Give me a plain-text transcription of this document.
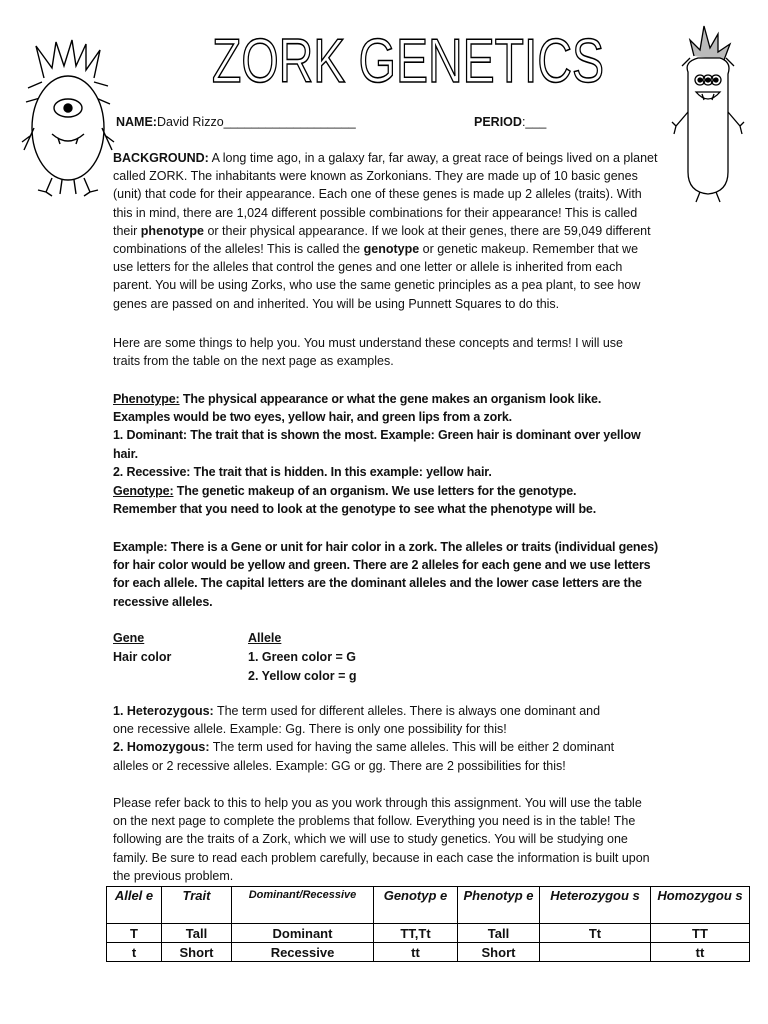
ZORK GENETICS
NAME:David Rizzo___________________	PERIOD:___

BACKGROUND: A long time ago, in a galaxy far, far away, a great race of beings lived on a planet called ZORK. The inhabitants were known as Zorkonians. They are made up of 10 basic genes (unit) that code for their appearance. Each one of these genes is made up 2 alleles (traits). With this in mind, there are 1,024 different possible combinations for their appearance! This is called their phenotype or their physical appearance. If we look at their genes, there are 59,049 different combinations of the alleles! This is called the genotype or genetic makeup. Remember that we use letters for the alleles that control the genes and one letter or allele is inherited from each parent. You will be using Zorks, who use the same genetic principles as a pea plant, to see how genes are passed on and inherited. You will be using Punnett Squares to do this.

Here are some things to help you. You must understand these concepts and terms! I will use traits from the table on the next page as examples.

Phenotype: The physical appearance or what the gene makes an organism look like. Examples would be two eyes, yellow hair, and green lips from a zork.
1. Dominant: The trait that is shown the most. Example: Green hair is dominant over yellow hair.
2. Recessive: The trait that is hidden. In this example: yellow hair.
Genotype: The genetic makeup of an organism. We use letters for the genotype. Remember that you need to look at the genotype to see what the phenotype will be.
Example: There is a Gene or unit for hair color in a zork. The alleles or traits (individual genes) for hair color would be yellow and green. There are 2 alleles for each gene and we use letters for each allele. The capital letters are the dominant alleles and the lower case letters are the recessive alleles.
Gene	Allele
Hair color	1. Green color = G
2. Yellow color = g
1. Heterozygous: The term used for different alleles. There is always one dominant and one recessive allele. Example: Gg. There is only one possibility for this!
2. Homozygous: The term used for having the same alleles. This will be either 2 dominant alleles or 2 recessive alleles. Example: GG or gg. There are 2 possibilities for this!

Please refer back to this to help you as you work through this assignment. You will use the table on the next page to complete the problems that follow. Everything you need is in the table! The following are the traits of a Zork, which we will use to study genetics. You will be studying one family. Be sure to read each problem carefully, because in each case the information is built upon the previous problem.

Allel e	Trait	Dominant/Recessive	Genotyp e	Phenotyp e	Heterozygou s	Homozygou s
T	Tall	Dominant	TT,Tt	Tall	Tt	TT
t	Short	Recessive	tt	Short		tt
